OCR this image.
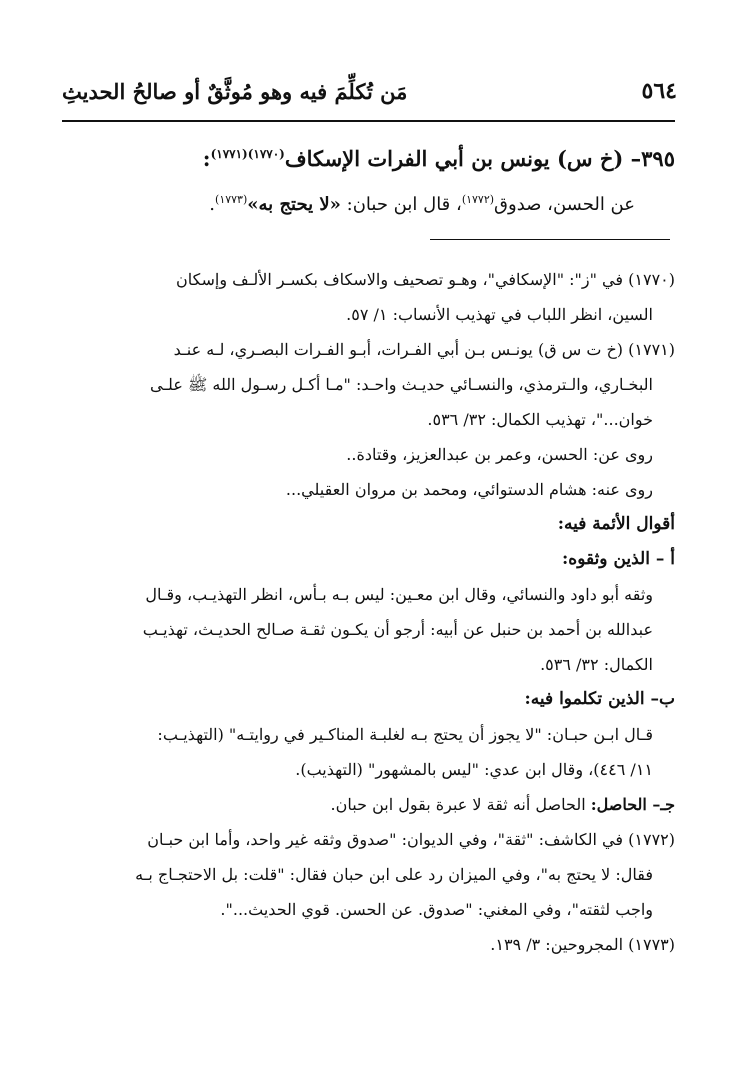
٥٦٤
مَن تُكلِّمَ فيه وهو مُوثَّقٌ أو صالحُ الحديثِ
٣٩٥– (خ س) يونس بن أبي الفرات الإسكاف$^{(١٧٧٠)(١٧٧١)}$:
عن الحسن، صدوق$^{(١٧٧٢)}$، قال ابن حبان: «لا يحتج به»$^{(١٧٧٣)}$.

(١٧٧٠) في "ز": "الإسكافي"، وهـو تصحيف والاسكاف بكسـر الألـف وإسكان

السين، انظر اللباب في تهذيب الأنساب: ١/ ٥٧.

(١٧٧١) (خ ت س ق) يونـس بـن أبي الفـرات، أبـو الفـرات البصـري، لـه عنـد

البخـاري، والـترمذي، والنسـائي حديـث واحـد: "مـا أكـل رسـول الله ﷺ علـى

خوان..."، تهذيب الكمال: ٣٢/ ٥٣٦.

روى عن: الحسن، وعمر بن عبدالعزيز، وقتادة..

روى عنه: هشام الدستوائي، ومحمد بن مروان العقيلي...

أقوال الأئمة فيه:

أ – الذين وثقوه:

وثقه أبو داود والنسائي، وقال ابن معـين: ليس بـه بـأس، انظر التهذيـب، وقـال

عبدالله بن أحمد بن حنبل عن أبيه: أرجو أن يكـون ثقـة صـالح الحديـث، تهذيـب

الكمال: ٣٢/ ٥٣٦.

ب– الذين تكلموا فيه:

قـال ابـن حبـان: "لا يجوز أن يحتج بـه لغلبـة المناكـير في روايتـه" (التهذيـب:

١١/ ٤٤٦)، وقال ابن عدي: "ليس بالمشهور" (التهذيب).

جـ– الحاصل: الحاصل أنه ثقة لا عبرة بقول ابن حبان.

(١٧٧٢) في الكاشف: "ثقة"، وفي الديوان: "صدوق وثقه غير واحد، وأما ابن حبـان

فقال: لا يحتج به"، وفي الميزان رد على ابن حبان فقال: "قلت: بل الاحتجـاج بـه

واجب لثقته"، وفي المغني: "صدوق. عن الحسن. قوي الحديث...".

(١٧٧٣) المجروحين: ٣/ ١٣٩.
